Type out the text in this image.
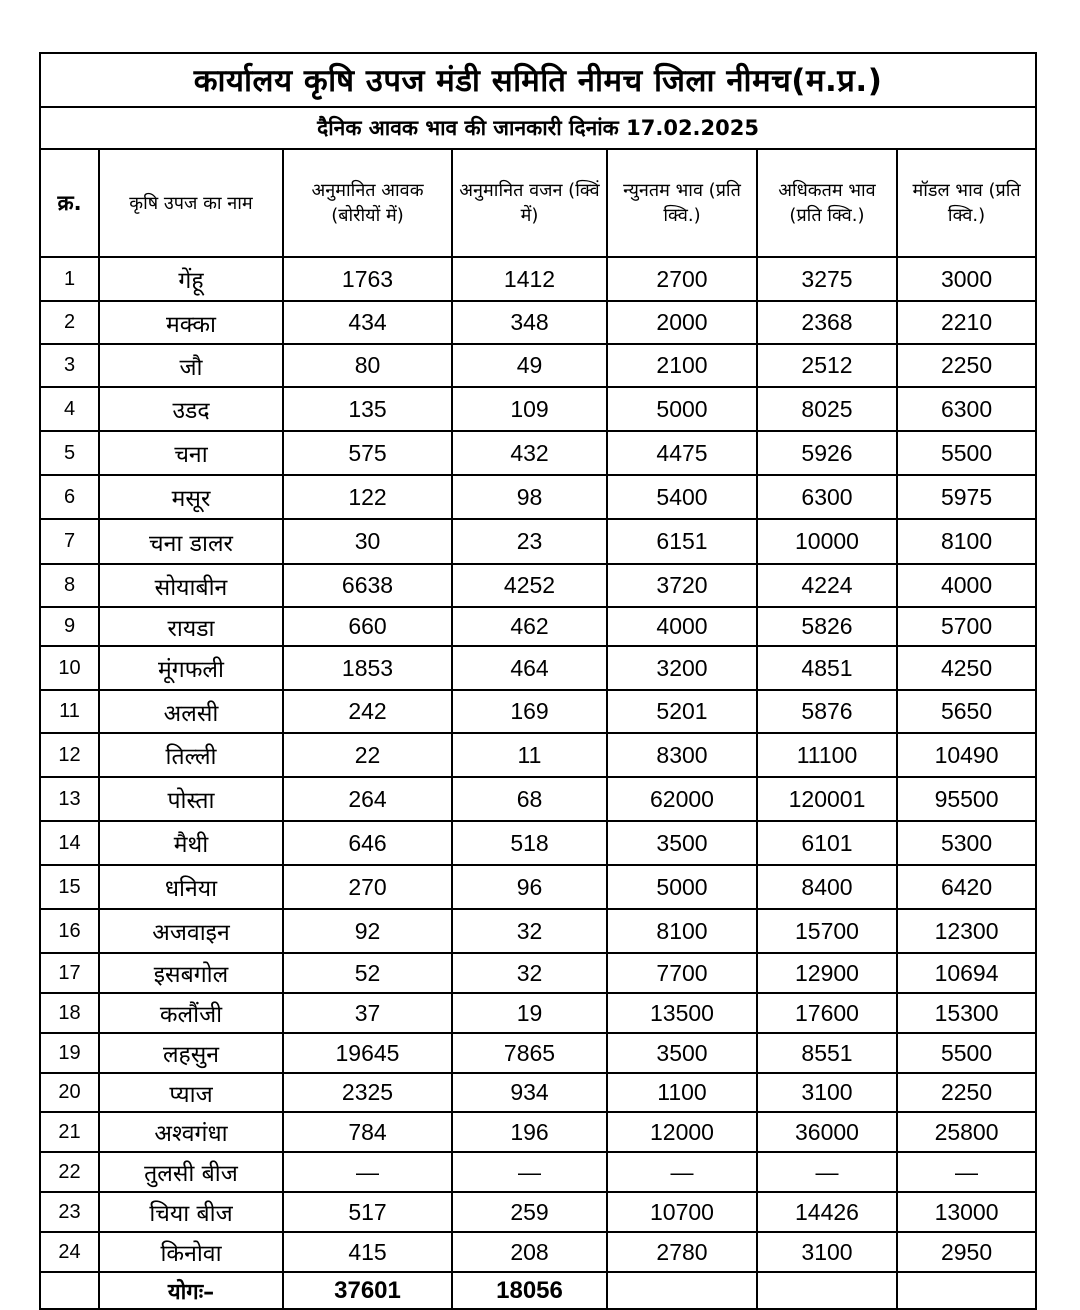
कार्यालय कृषि उपज मंडी समिति नीमच जिला नीमच(म.प्र.)						
दैनिक आवक भाव की जानकारी दिनांक 17.02.2025						
क्र.	कृषि उपज का नाम	अनुमानित आवक (बोरीयों में)	अनुमानित वजन (क्विं में)	न्युनतम भाव (प्रति क्वि.)	अधिकतम भाव (प्रति क्वि.)	मॉडल भाव (प्रति क्वि.)
1	गेंहू	1763	1412	2700	3275	3000
2	मक्का	434	348	2000	2368	2210
3	जौ	80	49	2100	2512	2250
4	उडद	135	109	5000	8025	6300
5	चना	575	432	4475	5926	5500
6	मसूर	122	98	5400	6300	5975
7	चना डालर	30	23	6151	10000	8100
8	सोयाबीन	6638	4252	3720	4224	4000
9	रायडा	660	462	4000	5826	5700
10	मूंगफली	1853	464	3200	4851	4250
11	अलसी	242	169	5201	5876	5650
12	तिल्ली	22	11	8300	11100	10490
13	पोस्ता	264	68	62000	120001	95500
14	मैथी	646	518	3500	6101	5300
15	धनिया	270	96	5000	8400	6420
16	अजवाइन	92	32	8100	15700	12300
17	इसबगोल	52	32	7700	12900	10694
18	कलौंजी	37	19	13500	17600	15300
19	लहसुन	19645	7865	3500	8551	5500
20	प्याज	2325	934	1100	3100	2250
21	अश्वगंधा	784	196	12000	36000	25800
22	तुलसी बीज	—	—	—	—	—
23	चिया बीज	517	259	10700	14426	13000
24	किनोवा	415	208	2780	3100	2950
	योगः–	37601	18056			
